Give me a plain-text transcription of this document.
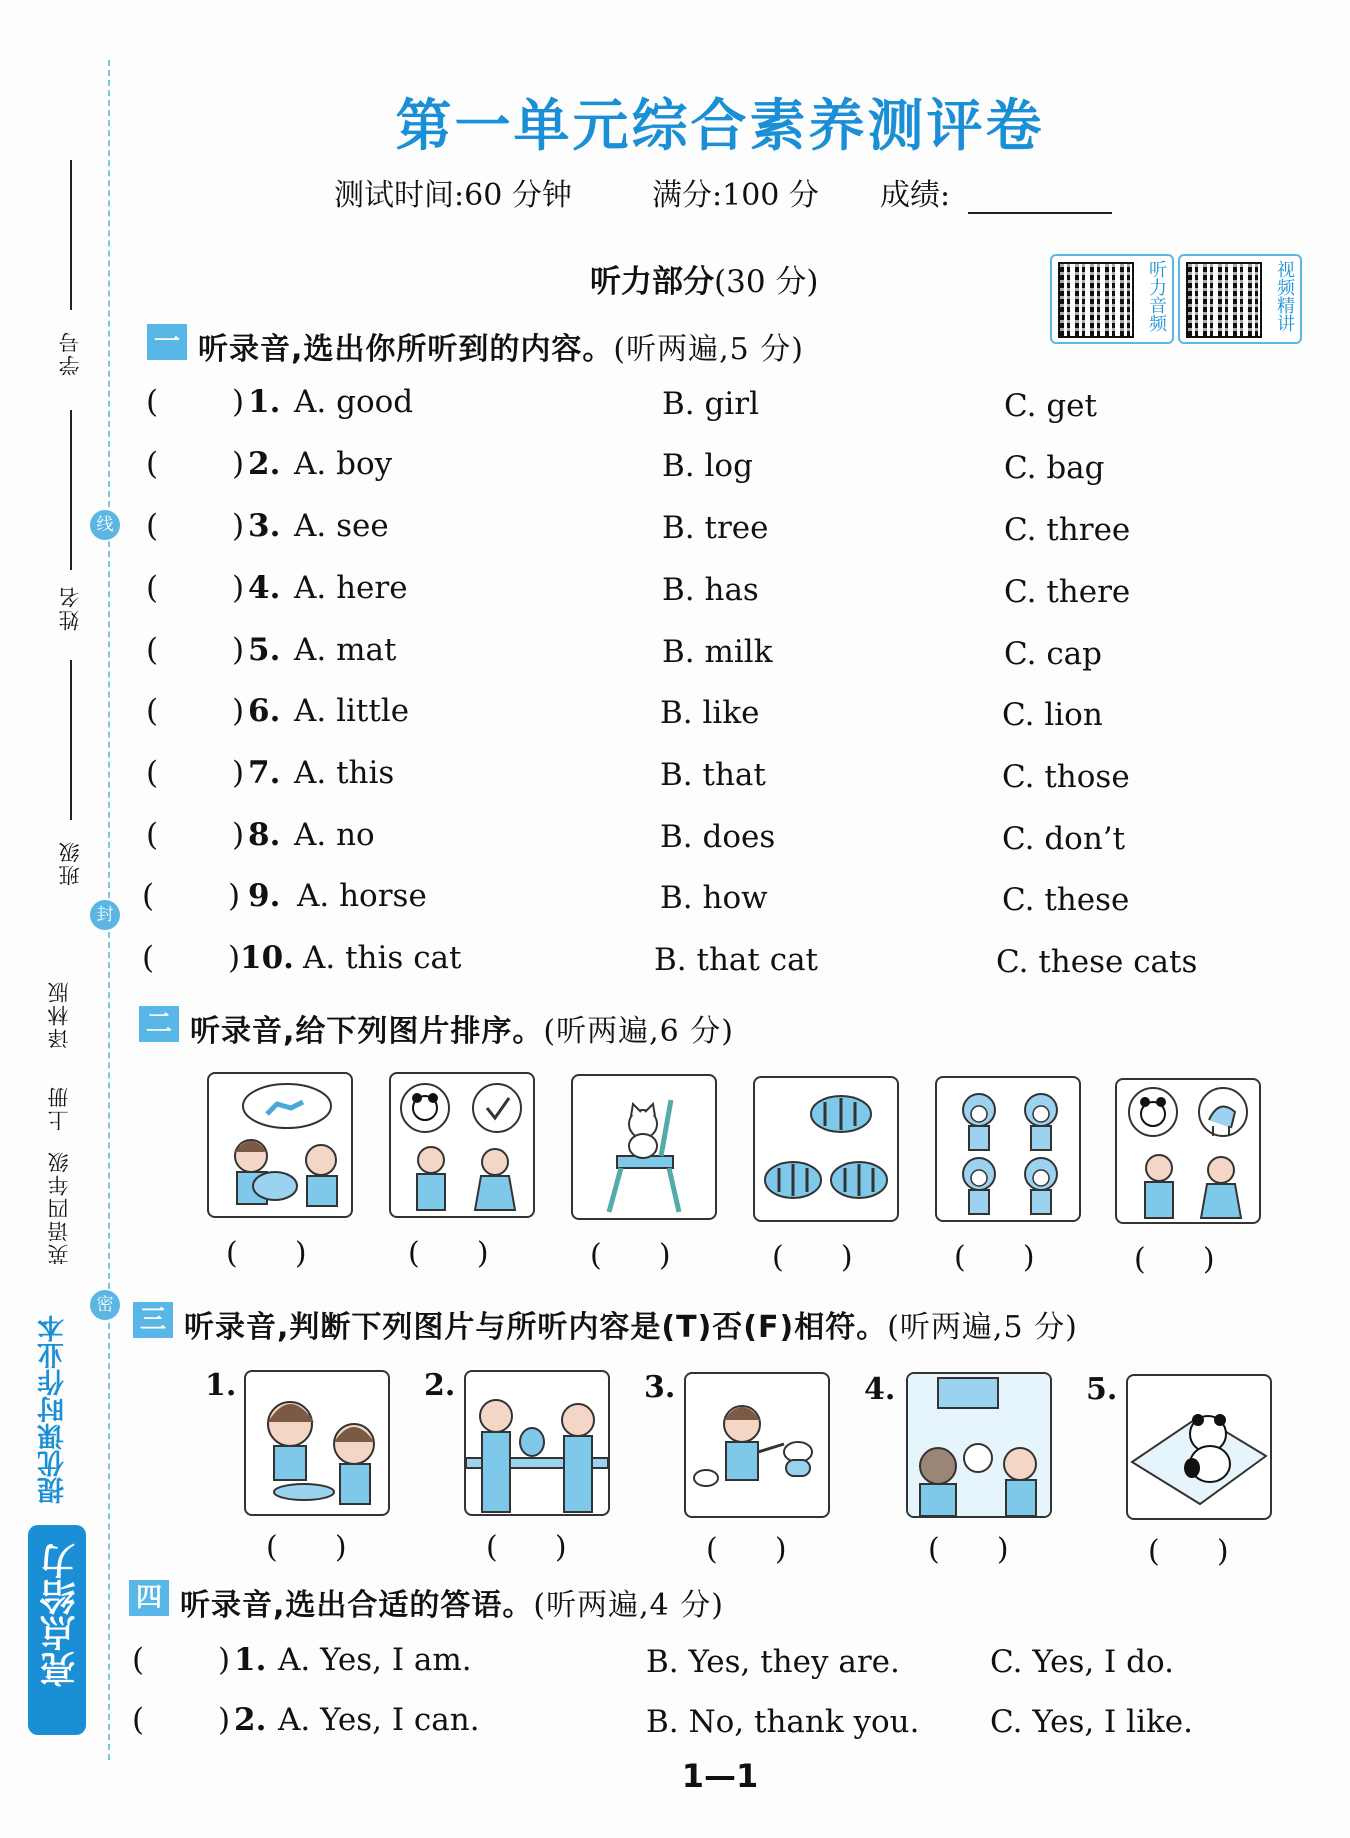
学号
姓名
班级
译林版
上册
英语四年级
线
封
密
提优课时作业本
亮点给力
第一单元综合素养测评卷
测试时间:60 分钟	满分:100 分 成绩:
听力部分(30 分)	听力音频	视频精讲
一 听录音,选出你所听到的内容。(听两遍,5 分)
( ) 1. A. good	B. girl	C. get
( ) 2. A. boy	B. log	C. bag
( ) 3. A. see	B. tree	C. three
( ) 4. A. here	B. has	C. there
( ) 5. A. mat	B. milk	C. cap
( ) 6. A. little	B. like	C. lion
( ) 7. A. this	B. that	C. those
( ) 8. A. no	B. does	C. don’t
( ) 9. A. horse	B. how	C. these
( ) 10. A. this cat	B. that cat	C. these cats
二 听录音,给下列图片排序。(听两遍,6 分)
(      )	(      )	(      )	(      )	(      )	(      )
三 听录音,判断下列图片与所听内容是(T)否(F)相符。(听两遍,5 分)
1.	2.	3.	4.	5.
(      )	(      )	(      )	(      )	(      )
四 听录音,选出合适的答语。(听两遍,4 分)
( ) 1. A. Yes, I am.	B. Yes, they are.	C. Yes, I do.
( ) 2. A. Yes, I can.	B. No, thank you. C. Yes, I like.
1—1
